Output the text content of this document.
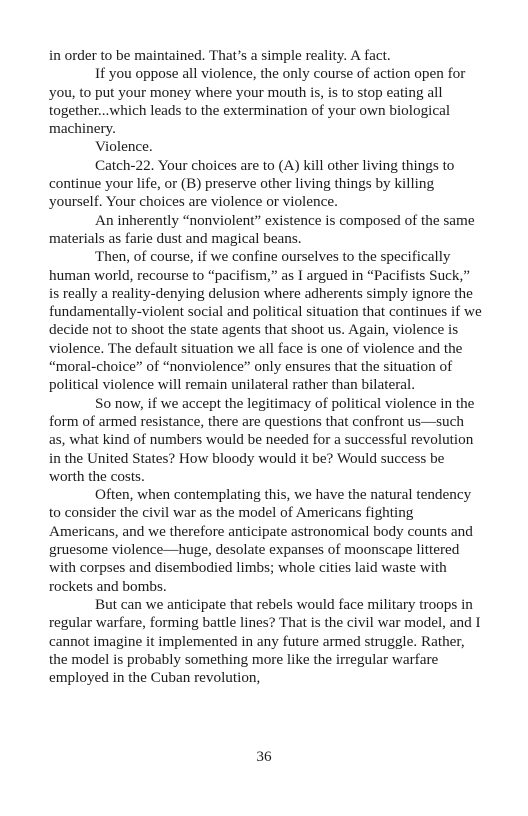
in order to be maintained. That’s a simple reality. A fact.

If you oppose all violence, the only course of action open for you, to put your money where your mouth is, is to stop eating all together...which leads to the extermination of your own biological machinery.

Violence.

Catch-22. Your choices are to (A) kill other living things to continue your life, or (B) preserve other living things by killing yourself. Your choices are violence or violence.

An inherently “nonviolent” existence is composed of the same materials as farie dust and magical beans.

Then, of course, if we confine ourselves to the specifically human world, recourse to “pacifism,” as I argued in “Pacifists Suck,” is really a reality-denying delusion where adherents simply ignore the fundamentally-violent social and political situation that continues if we decide not to shoot the state agents that shoot us. Again, violence is violence. The default situation we all face is one of violence and the “moral-choice” of “nonviolence” only ensures that the situation of political violence will remain unilateral rather than bilateral.

So now, if we accept the legitimacy of political violence in the form of armed resistance, there are questions that confront us—such as, what kind of numbers would be needed for a successful revolution in the United States? How bloody would it be? Would success be worth the costs.

Often, when contemplating this, we have the natural tendency to consider the civil war as the model of Americans fighting Americans, and we therefore anticipate astronomical body counts and gruesome violence—huge, desolate expanses of moonscape littered with corpses and disembodied limbs; whole cities laid waste with rockets and bombs.

But can we anticipate that rebels would face military troops in regular warfare, forming battle lines? That is the civil war model, and I cannot imagine it implemented in any future armed struggle. Rather, the model is probably something more like the irregular warfare employed in the Cuban revolution,

36
